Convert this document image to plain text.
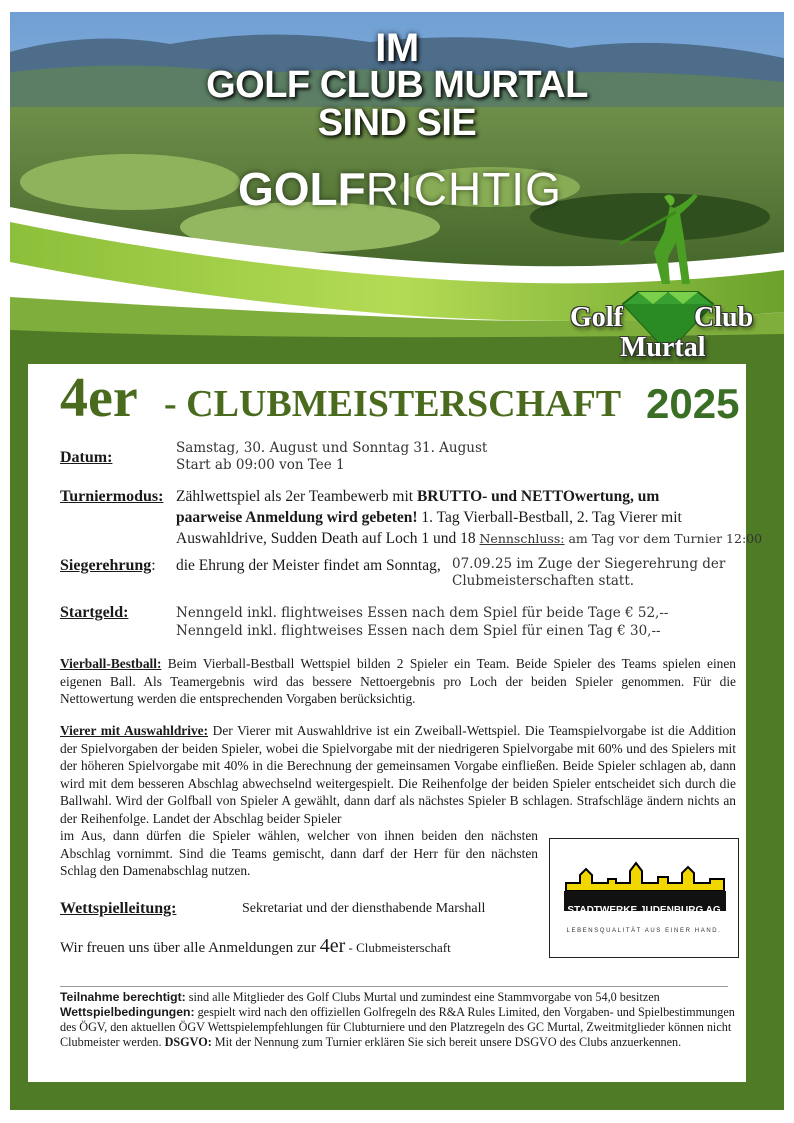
IM
GOLF CLUB MURTAL
SIND SIE
GOLFRICHTIG
Golf	Club
Murtal
4er - CLUBMEISTERSCHAFT 2025
Datum:
Samstag, 30. August und Sonntag 31. August
Start ab 09:00 von Tee 1
Turniermodus: Zählwettspiel als 2er Teambewerb mit BRUTTO- und NETTOwertung, um
paarweise Anmeldung wird gebeten! 1. Tag Vierball-Bestball, 2. Tag Vierer mit
Auswahldrive, Sudden Death auf Loch 1 und 18 Nennschluss: am Tag vor dem Turnier 12:00
Siegerehrung: die Ehrung der Meister findet am Sonntag, 07.09.25 im Zuge der Siegerehrung der
Clubmeisterschaften statt.
Startgeld:	Nenngeld inkl. flightweises Essen nach dem Spiel für beide Tage € 52,--
Nenngeld inkl. flightweises Essen nach dem Spiel für einen Tag € 30,--
Vierball-Bestball: Beim Vierball-Bestball Wettspiel bilden 2 Spieler ein Team. Beide Spieler des Teams spielen einen eigenen Ball. Als Teamergebnis wird das bessere Nettoergebnis pro Loch der beiden Spieler genommen. Für die Nettowertung werden die entsprechenden Vorgaben berücksichtig.
Vierer mit Auswahldrive: Der Vierer mit Auswahldrive ist ein Zweiball-Wettspiel. Die Teamspielvorgabe ist die Addition der Spielvorgaben der beiden Spieler, wobei die Spielvorgabe mit der niedrigeren Spielvorgabe mit 60% und des Spielers mit der höheren Spielvorgabe mit 40% in die Berechnung der gemeinsamen Vorgabe einfließen. Beide Spieler schlagen ab, dann wird mit dem besseren Abschlag abwechselnd weitergespielt. Die Reihenfolge der beiden Spieler entscheidet sich durch die Ballwahl. Wird der Golfball von Spieler A gewählt, dann darf als nächstes Spieler B schlagen. Strafschläge ändern nichts an der Reihenfolge. Landet der Abschlag beider Spieler
im Aus, dann dürfen die Spieler wählen, welcher von ihnen beiden den nächsten Abschlag vornimmt. Sind die Teams gemischt, dann darf der Herr für den nächsten Schlag den Damenabschlag nutzen.
STADTWERKE JUDENBURG AG
LEBENSQUALITÄT AUS EINER HAND.
Wettspielleitung:	Sekretariat und der diensthabende Marshall
Wir freuen uns über alle Anmeldungen zur 4er - Clubmeisterschaft
Teilnahme berechtigt: sind alle Mitglieder des Golf Clubs Murtal und zumindest eine Stammvorgabe von 54,0 besitzen
Wettspielbedingungen: gespielt wird nach den offiziellen Golfregeln des R&A Rules Limited, den Vorgaben- und Spielbestimmungen des ÖGV, den aktuellen ÖGV Wettspielempfehlungen für Clubturniere und den Platzregeln des GC Murtal, Zweitmitglieder können nicht Clubmeister werden. DSGVO: Mit der Nennung zum Turnier erklären Sie sich bereit unsere DSGVO des Clubs anzuerkennen.
